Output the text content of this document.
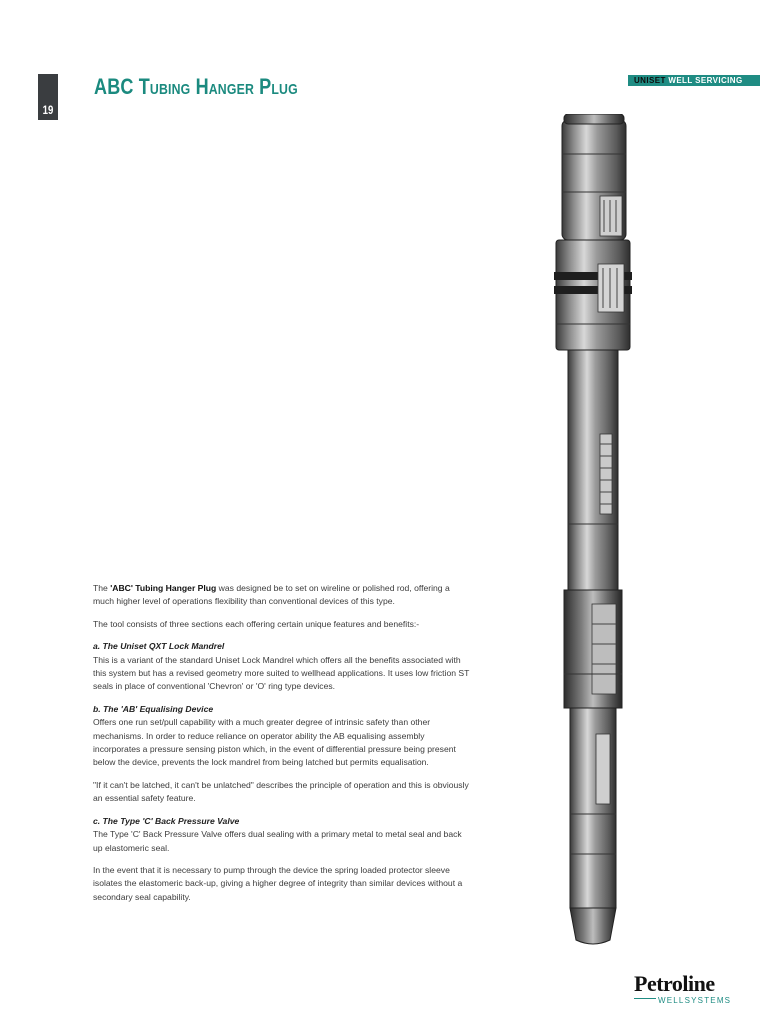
19
ABC Tubing Hanger Plug	UNISET WELL SERVICING

The 'ABC' Tubing Hanger Plug was designed be to set on wireline or polished rod, offering a much higher level of operations flexibility than conventional devices of this type.

The tool consists of three sections each offering certain unique features and benefits:-

a. The Uniset QXT Lock Mandrel

This is a variant of the standard Uniset Lock Mandrel which offers all the benefits associated with this system but has a revised geometry more suited to wellhead applications. It uses low friction ST seals in place of conventional 'Chevron' or 'O' ring type devices.

b. The 'AB' Equalising Device

Offers one run set/pull capability with a much greater degree of intrinsic safety than other mechanisms. In order to reduce reliance on operator ability the AB equalising assembly incorporates a pressure sensing piston which, in the event of differential pressure being present below the device, prevents the lock mandrel from being latched but permits equalisation.

"If it can't be latched, it can't be unlatched" describes the principle of operation and this is obviously an essential safety feature.

c. The Type 'C' Back Pressure Valve

The Type 'C' Back Pressure Valve offers dual sealing with a primary metal to metal seal and back up elastomeric seal.

In the event that it is necessary to pump through the device the spring loaded protector sleeve isolates the elastomeric back-up, giving a higher degree of integrity than similar devices without a secondary seal capability.

Petroline
WELLSYSTEMS
